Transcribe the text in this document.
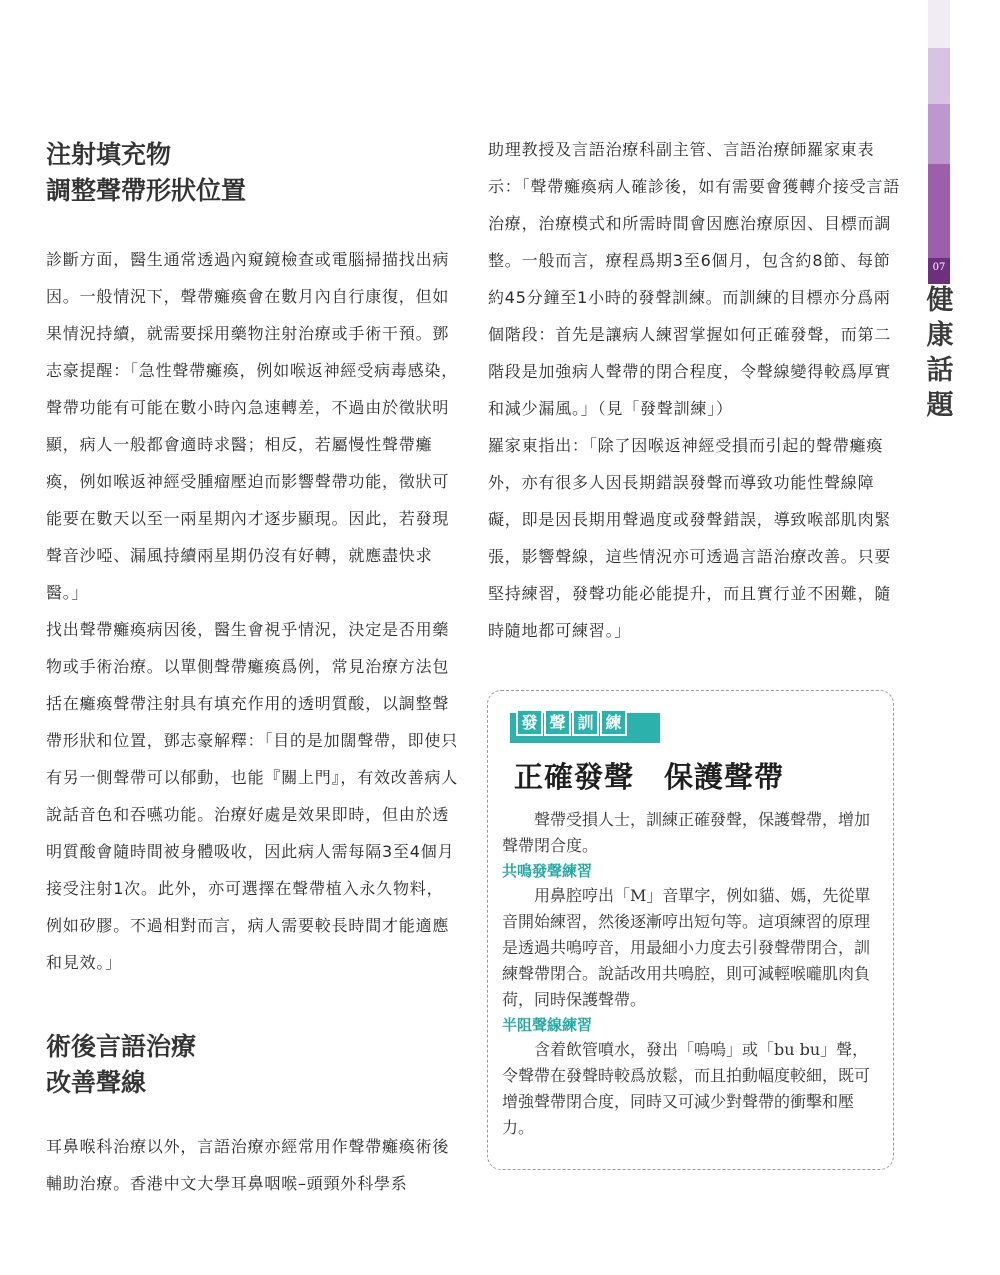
07
健
康
話
題
注射填充物
調整聲帶形狀位置

診斷方面，醫生通常透過內窺鏡檢查或電腦掃描找出病因。一般情況下，聲帶癱瘓會在數月內自行康復，但如果情況持續，就需要採用藥物注射治療或手術干預。鄧志豪提醒：「急性聲帶癱瘓，例如喉返神經受病毒感染，聲帶功能有可能在數小時內急速轉差，不過由於徵狀明顯，病人一般都會適時求醫；相反，若屬慢性聲帶癱瘓，例如喉返神經受腫瘤壓迫而影響聲帶功能，徵狀可能要在數天以至一兩星期內才逐步顯現。因此，若發現聲音沙啞、漏風持續兩星期仍沒有好轉，就應盡快求醫。」

找出聲帶癱瘓病因後，醫生會視乎情況，決定是否用藥物或手術治療。以單側聲帶癱瘓爲例，常見治療方法包括在癱瘓聲帶注射具有填充作用的透明質酸，以調整聲帶形狀和位置，鄧志豪解釋：「目的是加闊聲帶，即使只有另一側聲帶可以郁動，也能『關上門』，有效改善病人說話音色和吞嚥功能。治療好處是效果即時，但由於透明質酸會隨時間被身體吸收，因此病人需每隔3至4個月接受注射1次。此外，亦可選擇在聲帶植入永久物料，例如矽膠。不過相對而言，病人需要較長時間才能適應和見效。」

術後言語治療
改善聲線

耳鼻喉科治療以外，言語治療亦經常用作聲帶癱瘓術後輔助治療。香港中文大學耳鼻咽喉–頭頸外科學系

助理教授及言語治療科副主管、言語治療師羅家東表示：「聲帶癱瘓病人確診後，如有需要會獲轉介接受言語治療，治療模式和所需時間會因應治療原因、目標而調整。一般而言，療程爲期3至6個月，包含約8節、每節約45分鐘至1小時的發聲訓練。而訓練的目標亦分爲兩個階段：首先是讓病人練習掌握如何正確發聲，而第二階段是加強病人聲帶的閉合程度，令聲線變得較爲厚實和減少漏風。」（見「發聲訓練」）

羅家東指出：「除了因喉返神經受損而引起的聲帶癱瘓外，亦有很多人因長期錯誤發聲而導致功能性聲線障礙，即是因長期用聲過度或發聲錯誤，導致喉部肌肉緊張，影響聲線，這些情況亦可透過言語治療改善。只要堅持練習，發聲功能必能提升，而且實行並不困難，隨時隨地都可練習。」

發 聲 訓 練
正確發聲　保護聲帶

聲帶受損人士，訓練正確發聲，保護聲帶，增加聲帶閉合度。

共鳴發聲練習

用鼻腔哼出「M」音單字，例如貓、媽，先從單音開始練習，然後逐漸哼出短句等。這項練習的原理是透過共鳴哼音，用最細小力度去引發聲帶閉合，訓練聲帶閉合。說話改用共鳴腔，則可減輕喉嚨肌肉負荷，同時保護聲帶。

半阻聲線練習

含着飲管噴水，發出「嗚嗚」或「bu bu」聲，令聲帶在發聲時較爲放鬆，而且拍動幅度較細，既可增強聲帶閉合度，同時又可減少對聲帶的衝擊和壓力。
